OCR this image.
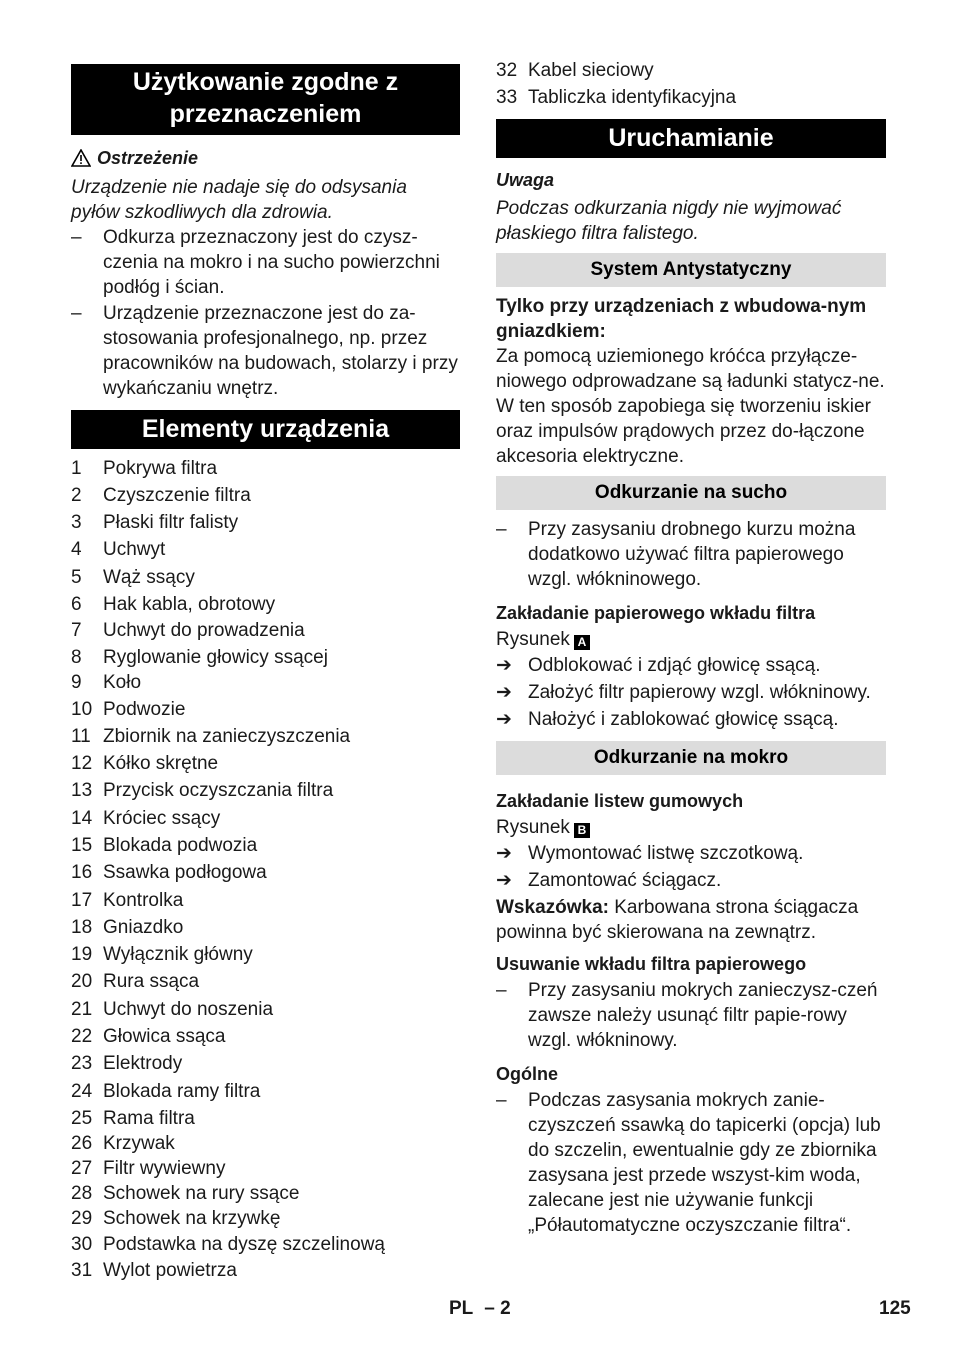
Użytkowanie zgodne z przeznaczeniem
Ostrzeżenie
Urządzenie nie nadaje się do odsysania pyłów szkodliwych dla zdrowia.
–	Odkurza przeznaczony jest do czysz-czenia na mokro i na sucho powierzchni podłóg i ścian.
–	Urządzenie przeznaczone jest do za-stosowania profesjonalnego, np. przez pracowników na budowach, stolarzy i przy wykańczaniu wnętrz.
Elementy urządzenia
1 Pokrywa filtra
2 Czyszczenie filtra
3 Płaski filtr falisty
4 Uchwyt
5 Wąż ssący
6 Hak kabla, obrotowy
7 Uchwyt do prowadzenia
8 Ryglowanie głowicy ssącej
9 Koło
10 Podwozie
11 Zbiornik na zanieczyszczenia
12 Kółko skrętne
13 Przycisk oczyszczania filtra
14 Króciec ssący
15 Blokada podwozia
16 Ssawka podłogowa
17 Kontrolka
18 Gniazdko
19 Wyłącznik główny
20 Rura ssąca
21 Uchwyt do noszenia
22 Głowica ssąca
23 Elektrody
24 Blokada ramy filtra
25 Rama filtra
26 Krzywak
27 Filtr wywiewny
28 Schowek na rury ssące
29 Schowek na krzywkę
30 Podstawka na dyszę szczelinową
31 Wylot powietrza
32 Kabel sieciowy
33 Tabliczka identyfikacyjna
Uruchamianie
Uwaga
Podczas odkurzania nigdy nie wyjmować płaskiego filtra falistego.
System Antystatyczny
Tylko przy urządzeniach z wbudowa-nym gniazdkiem:
Za pomocą uziemionego króćca przyłącze-niowego odprowadzane są ładunki statycz-ne. W ten sposób zapobiega się tworzeniu iskier oraz impulsów prądowych przez do-łączone akcesoria elektryczne.
Odkurzanie na sucho
–	Przy zasysaniu drobnego kurzu można dodatkowo używać filtra papierowego wzgl. włókninowego.
Zakładanie papierowego wkładu filtra
Rysunek A
➔ Odblokować i zdjąć głowicę ssącą.
➔ Założyć filtr papierowy wzgl. włókninowy.
➔ Nałożyć i zablokować głowicę ssącą.
Odkurzanie na mokro
Zakładanie listew gumowych
Rysunek B
➔ Wymontować listwę szczotkową.
➔ Zamontować ściągacz.
Wskazówka: Karbowana strona ściągacza powinna być skierowana na zewnątrz.
Usuwanie wkładu filtra papierowego
–	Przy zasysaniu mokrych zanieczysz-czeń zawsze należy usunąć filtr papie-rowy wzgl. włókninowy.
Ogólne
–	Podczas zasysania mokrych zanie-czyszczeń ssawką do tapicerki (opcja) lub do szczelin, ewentualnie gdy ze zbiornika zasysana jest przede wszyst-kim woda, zalecane jest nie używanie funkcji „Półautomatyczne oczyszczanie filtra“.
PL – 2	125
